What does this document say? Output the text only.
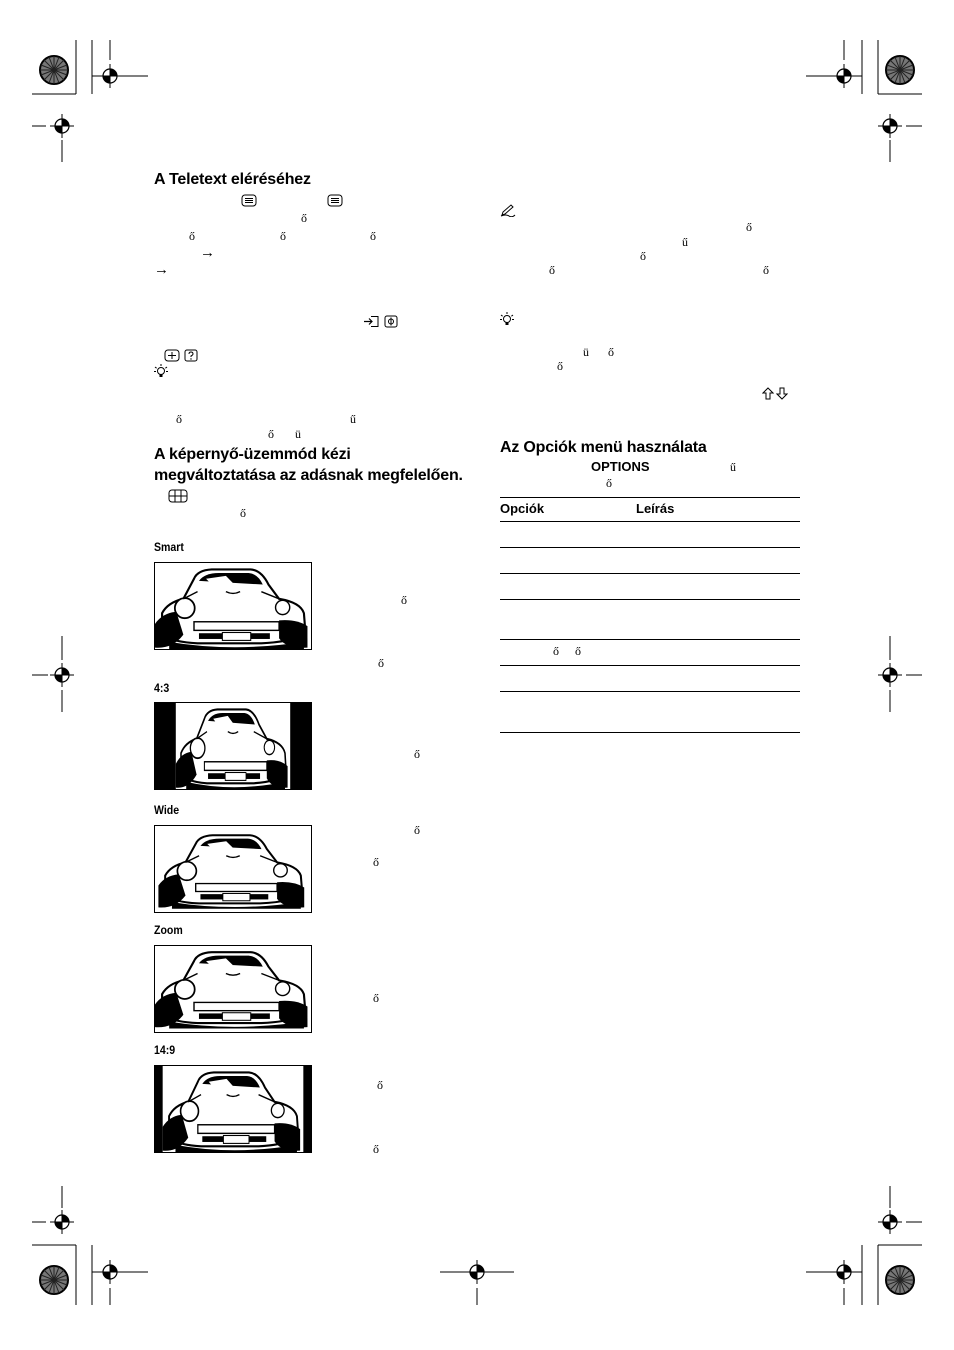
A Teletext eléréséhez
ő
ő	ő	ő
→
→
ő	ű
ő ü
A képernyő-üzemmód kézi
megváltoztatása az adásnak megfelelően.
ő
Smart
4:3
Wide
Zoom
14:9
ő
ő
ő
ő
ő
ő
ő
ő
ő
ű
ő
ő	ő
ü ő
ő
Az Opciók menü használata
OPTIONS	ű
ő
Opciók	Leírás
ő ő
